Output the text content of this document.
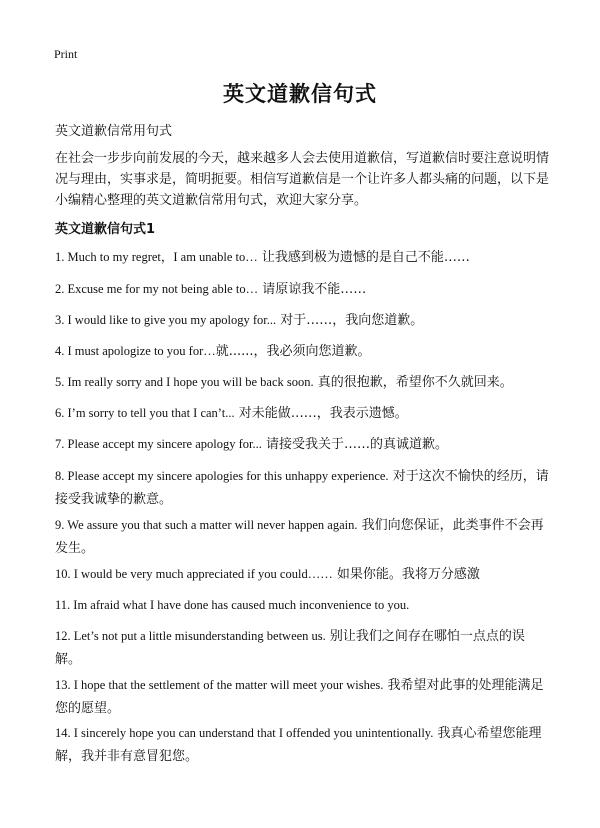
Print
英文道歉信句式
英文道歉信常用句式

在社会一步步向前发展的今天，越来越多人会去使用道歉信，写道歉信时要注意说明情况与理由，实事求是，简明扼要。相信写道歉信是一个让许多人都头痛的问题，以下是小编精心整理的英文道歉信常用句式，欢迎大家分享。

英文道歉信句式1
1. Much to my regret，I am unable to… 让我感到极为遗憾的是自己不能……
2. Excuse me for my not being able to… 请原谅我不能……
3. I would like to give you my apology for... 对于……，我向您道歉。
4. I must apologize to you for…就......，我必须向您道歉。
5. Im really sorry and I hope you will be back soon. 真的很抱歉，希望你不久就回来。
6. I’m sorry to tell you that I can’t... 对未能做……，我表示遗憾。
7. Please accept my sincere apology for... 请接受我关于……的真诚道歉。
8. Please accept my sincere apologies for this unhappy experience. 对于这次不愉快的经历，请接受我诚挚的歉意。
9. We assure you that such a matter will never happen again. 我们向您保证，此类事件不会再发生。
10. I would be very much appreciated if you could…… 如果你能。我将万分感激
11. Im afraid what I have done has caused much inconvenience to you.
12. Let’s not put a little misunderstanding between us. 别让我们之间存在哪怕一点点的误解。
13. I hope that the settlement of the matter will meet your wishes. 我希望对此事的处理能满足您的愿望。
14. I sincerely hope you can understand that I offended you unintentionally. 我真心希望您能理解，我并非有意冒犯您。
